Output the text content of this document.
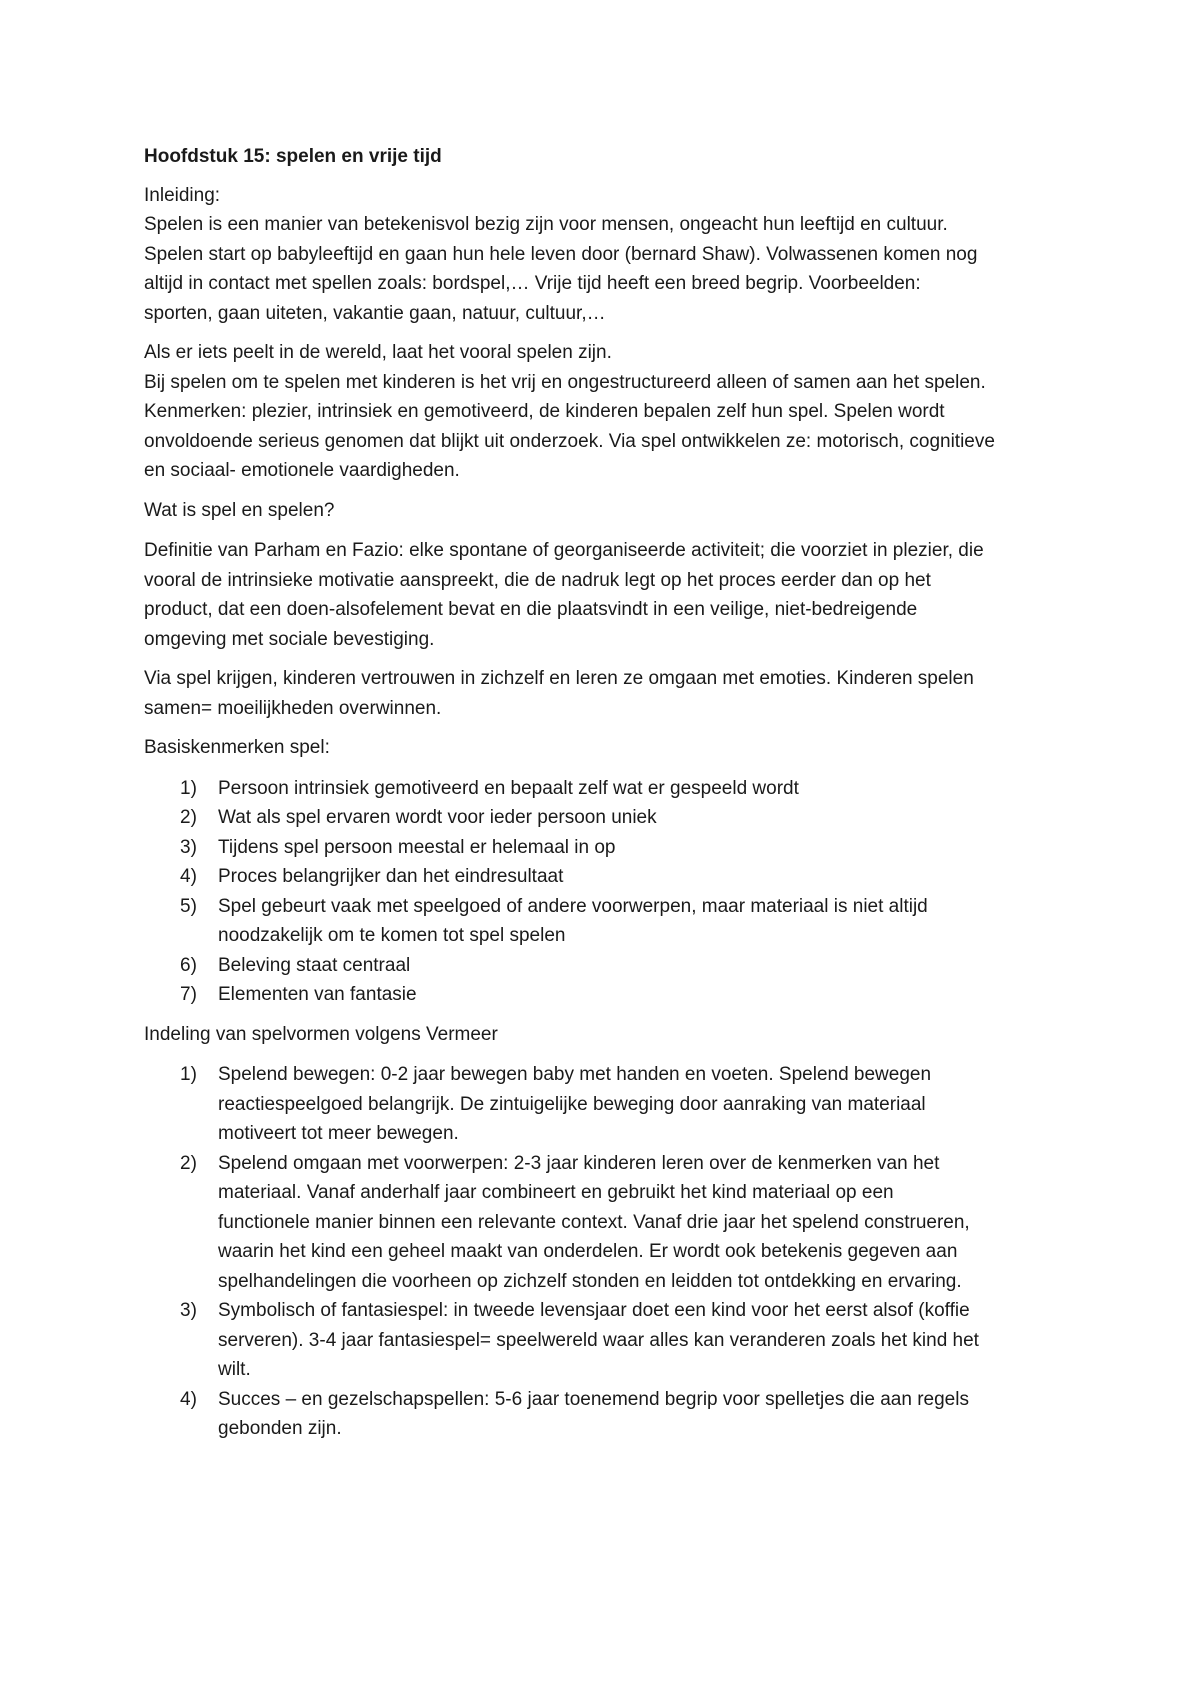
Hoofdstuk 15: spelen en vrije tijd

Inleiding:
Spelen is een manier van betekenisvol bezig zijn voor mensen, ongeacht hun leeftijd en cultuur.
Spelen start op babyleeftijd en gaan hun hele leven door (bernard Shaw). Volwassenen komen nog
altijd in contact met spellen zoals: bordspel,… Vrije tijd heeft een breed begrip. Voorbeelden:
sporten, gaan uiteten, vakantie gaan, natuur, cultuur,…

Als er iets peelt in de wereld, laat het vooral spelen zijn.
Bij spelen om te spelen met kinderen is het vrij en ongestructureerd alleen of samen aan het spelen.
Kenmerken: plezier, intrinsiek en gemotiveerd, de kinderen bepalen zelf hun spel. Spelen wordt
onvoldoende serieus genomen dat blijkt uit onderzoek. Via spel ontwikkelen ze: motorisch, cognitieve
en sociaal- emotionele vaardigheden.

Wat is spel en spelen?

Definitie van Parham en Fazio: elke spontane of georganiseerde activiteit; die voorziet in plezier, die
vooral de intrinsieke motivatie aanspreekt, die de nadruk legt op het proces eerder dan op het
product, dat een doen-alsofelement bevat en die plaatsvindt in een veilige, niet-bedreigende
omgeving met sociale bevestiging.

Via spel krijgen, kinderen vertrouwen in zichzelf en leren ze omgaan met emoties. Kinderen spelen
samen= moeilijkheden overwinnen.

Basiskenmerken spel:

1) Persoon intrinsiek gemotiveerd en bepaalt zelf wat er gespeeld wordt
2) Wat als spel ervaren wordt voor ieder persoon uniek
3) Tijdens spel persoon meestal er helemaal in op
4) Proces belangrijker dan het eindresultaat
5) Spel gebeurt vaak met speelgoed of andere voorwerpen, maar materiaal is niet altijd
noodzakelijk om te komen tot spel spelen
6) Beleving staat centraal
7) Elementen van fantasie

Indeling van spelvormen volgens Vermeer

1) Spelend bewegen: 0-2 jaar bewegen baby met handen en voeten. Spelend bewegen
reactiespeelgoed belangrijk. De zintuigelijke beweging door aanraking van materiaal
motiveert tot meer bewegen.
2) Spelend omgaan met voorwerpen: 2-3 jaar kinderen leren over de kenmerken van het
materiaal. Vanaf anderhalf jaar combineert en gebruikt het kind materiaal op een
functionele manier binnen een relevante context. Vanaf drie jaar het spelend construeren,
waarin het kind een geheel maakt van onderdelen. Er wordt ook betekenis gegeven aan
spelhandelingen die voorheen op zichzelf stonden en leidden tot ontdekking en ervaring.
3) Symbolisch of fantasiespel: in tweede levensjaar doet een kind voor het eerst alsof (koffie
serveren). 3-4 jaar fantasiespel= speelwereld waar alles kan veranderen zoals het kind het
wilt.
4) Succes – en gezelschapspellen: 5-6 jaar toenemend begrip voor spelletjes die aan regels
gebonden zijn.
